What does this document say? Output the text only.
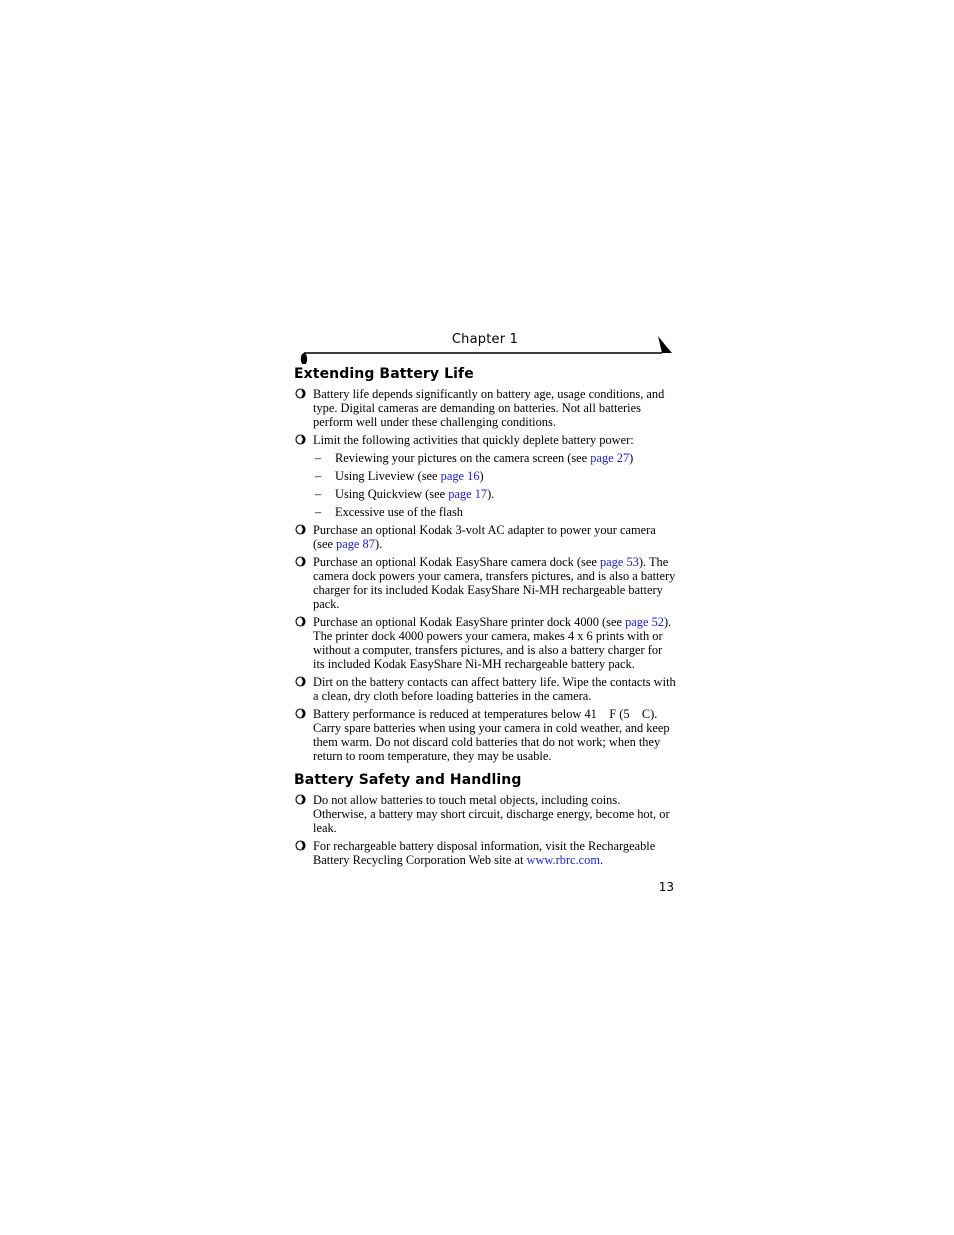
Chapter 1
Extending Battery Life
Battery life depends significantly on battery age, usage conditions, and type. Digital cameras are demanding on batteries. Not all batteries perform well under these challenging conditions.
Limit the following activities that quickly deplete battery power:
– Reviewing your pictures on the camera screen (see page 27)
– Using Liveview (see page 16)
– Using Quickview (see page 17).
– Excessive use of the flash
Purchase an optional Kodak 3-volt AC adapter to power your camera (see page 87).
Purchase an optional Kodak EasyShare camera dock (see page 53). The camera dock powers your camera, transfers pictures, and is also a battery charger for its included Kodak EasyShare Ni-MH rechargeable battery pack.
Purchase an optional Kodak EasyShare printer dock 4000 (see page 52). The printer dock 4000 powers your camera, makes 4 x 6 prints with or without a computer, transfers pictures, and is also a battery charger for its included Kodak EasyShare Ni-MH rechargeable battery pack.
Dirt on the battery contacts can affect battery life. Wipe the contacts with a clean, dry cloth before loading batteries in the camera.
Battery performance is reduced at temperatures below 41    F (5    C). Carry spare batteries when using your camera in cold weather, and keep them warm. Do not discard cold batteries that do not work; when they return to room temperature, they may be usable.
Battery Safety and Handling
Do not allow batteries to touch metal objects, including coins. Otherwise, a battery may short circuit, discharge energy, become hot, or leak.
For rechargeable battery disposal information, visit the Rechargeable Battery Recycling Corporation Web site at www.rbrc.com.
13
